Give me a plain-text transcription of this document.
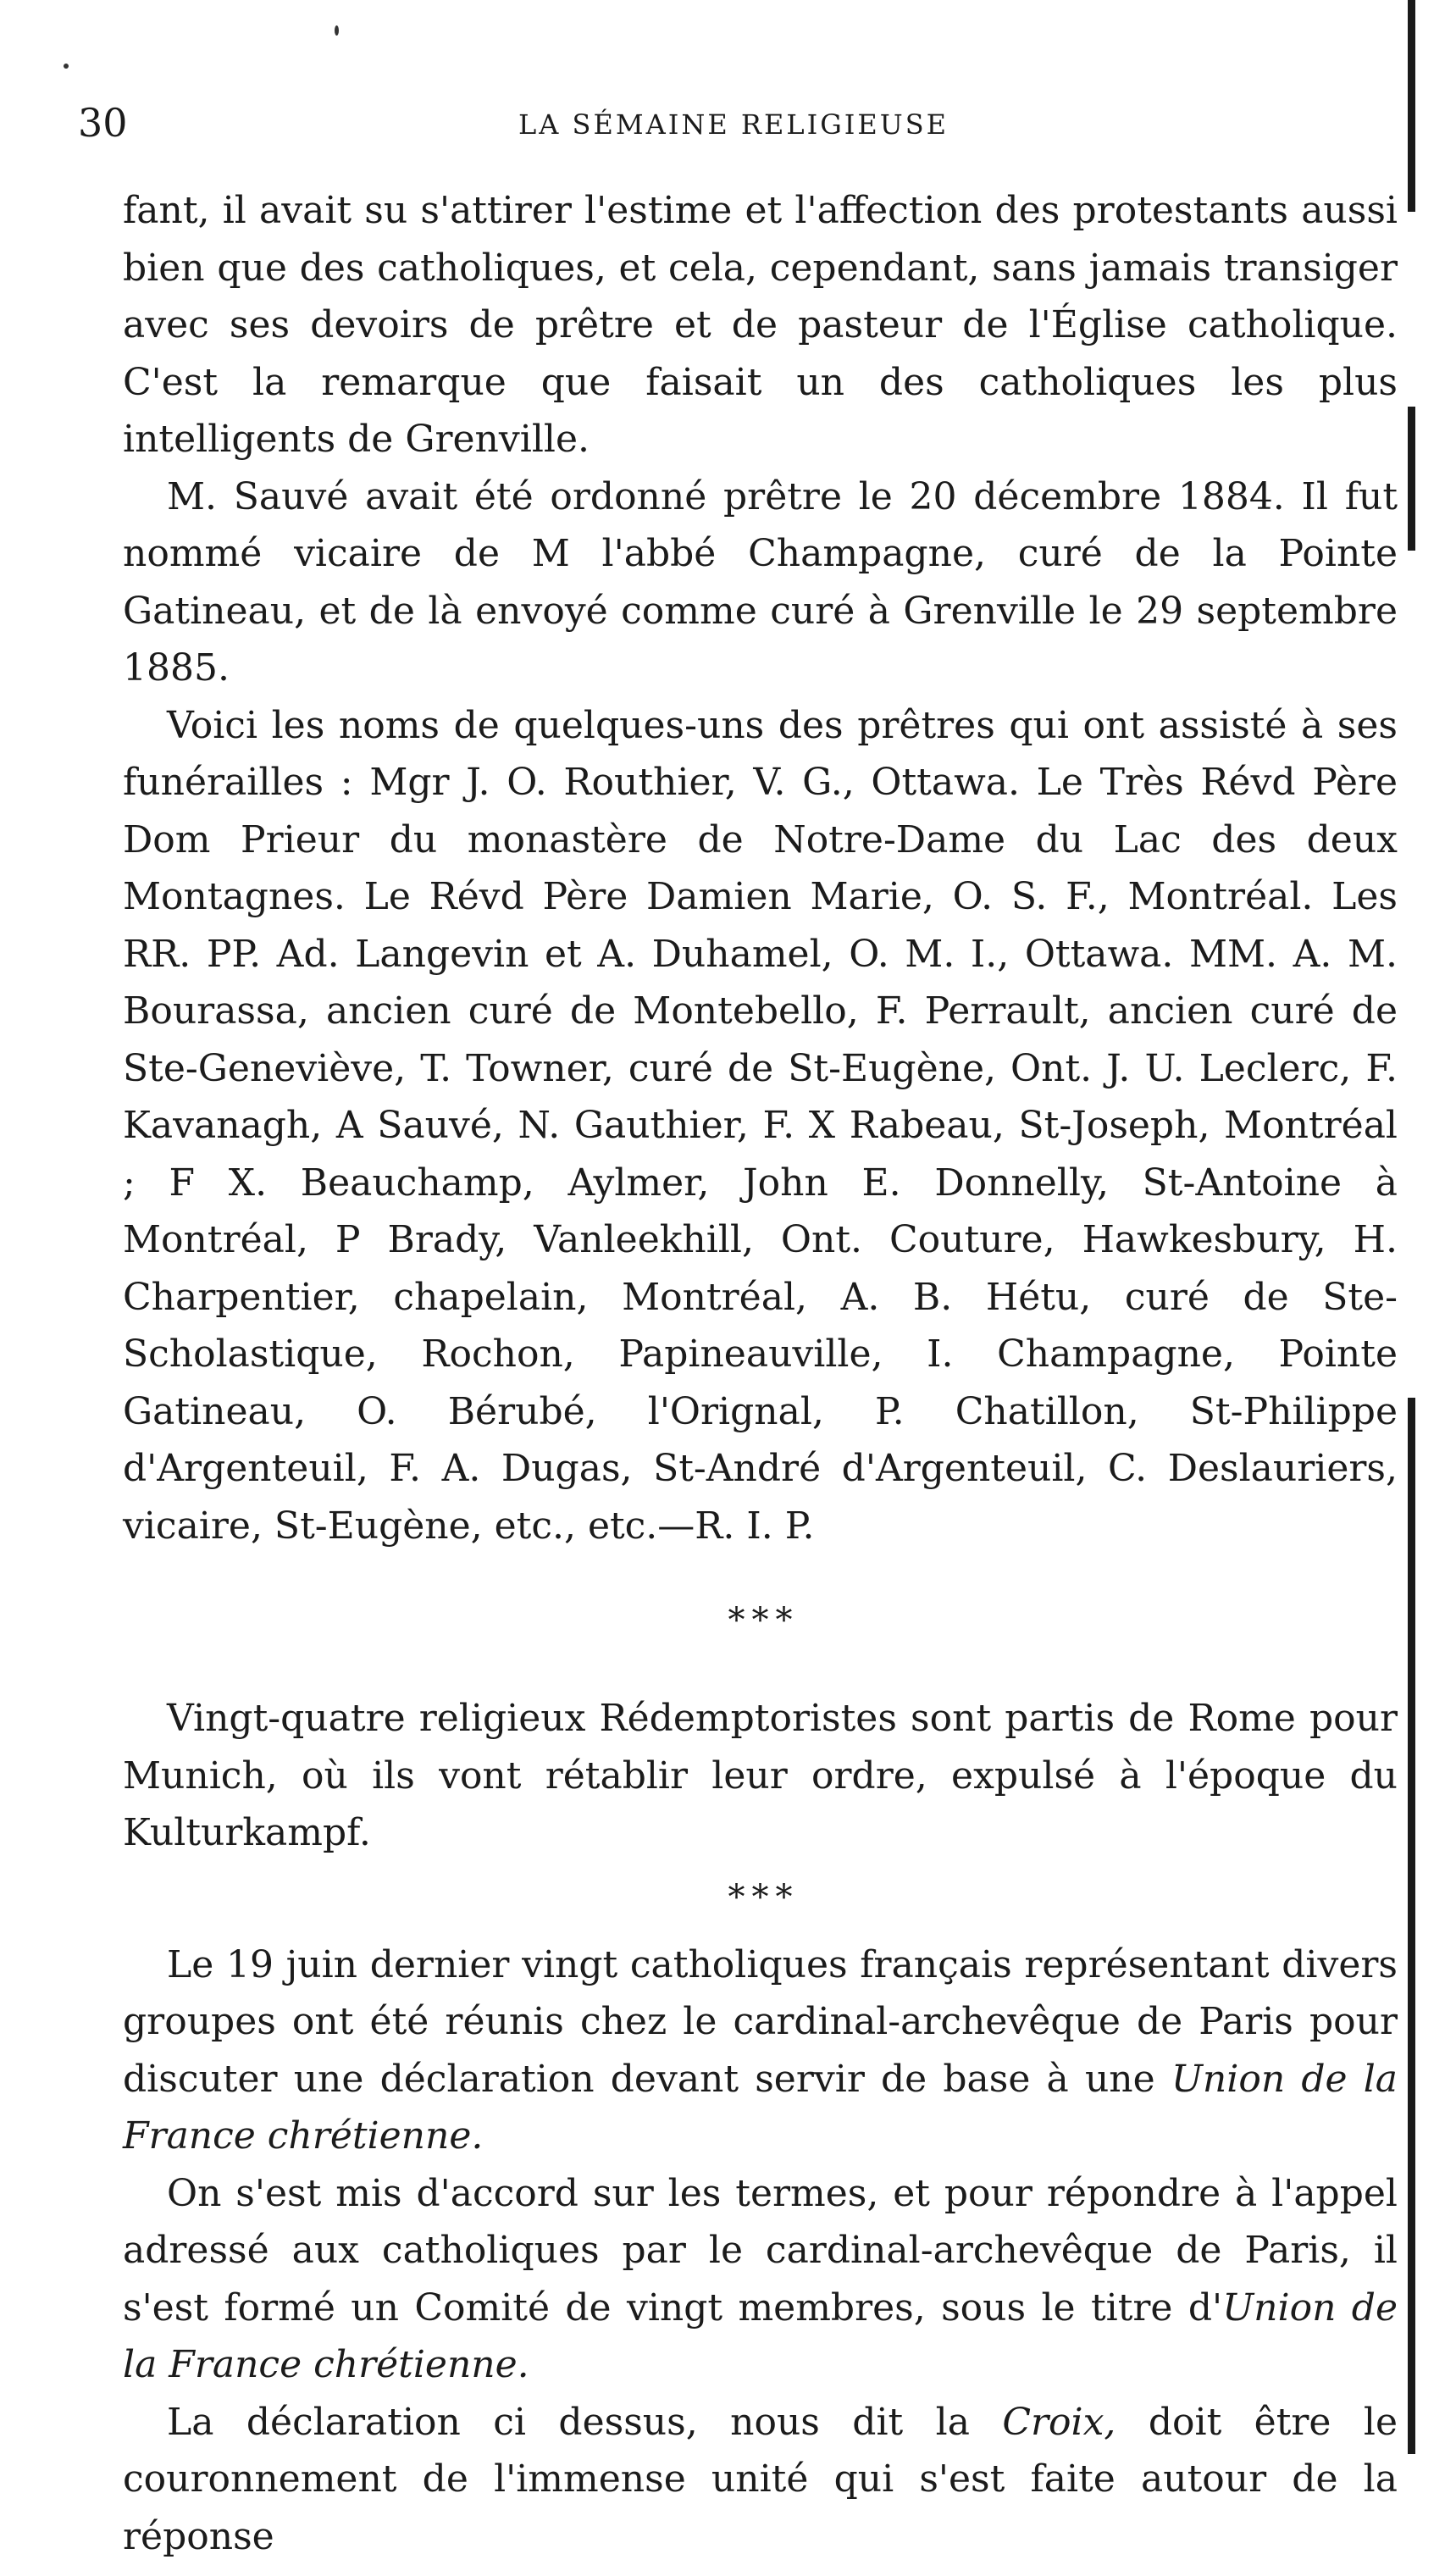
30	LA SÉMAINE RELIGIEUSE

fant, il avait su s'attirer l'estime et l'affection des protestants aussi bien que des catholiques, et cela, cependant, sans jamais transiger avec ses devoirs de prêtre et de pasteur de l'Église catholique. C'est la remarque que faisait un des catholiques les plus intelligents de Grenville.

M. Sauvé avait été ordonné prêtre le 20 décembre 1884. Il fut nommé vicaire de M l'abbé Champagne, curé de la Pointe Gatineau, et de là envoyé comme curé à Grenville le 29 septembre 1885.

Voici les noms de quelques-uns des prêtres qui ont assisté à ses funérailles : Mgr J. O. Routhier, V. G., Ottawa. Le Très Révd Père Dom Prieur du monastère de Notre-Dame du Lac des deux Montagnes. Le Révd Père Damien Marie, O. S. F., Montréal. Les RR. PP. Ad. Langevin et A. Duhamel, O. M. I., Ottawa. MM. A. M. Bourassa, ancien curé de Montebello, F. Perrault, ancien curé de Ste-Geneviève, T. Towner, curé de St-Eugène, Ont. J. U. Leclerc, F. Kavanagh, A Sauvé, N. Gauthier, F. X Rabeau, St-Joseph, Montréal ; F X. Beauchamp, Aylmer, John E. Donnelly, St-Antoine à Montréal, P Brady, Vanleekhill, Ont. Couture, Hawkesbury, H. Charpentier, chapelain, Montréal, A. B. Hétu, curé de Ste-Scholastique, Rochon, Papineauville, I. Champagne, Pointe Gatineau, O. Bérubé, l'Orignal, P. Chatillon, St-Philippe d'Argenteuil, F. A. Dugas, St-André d'Argenteuil, C. Deslauriers, vicaire, St-Eugène, etc., etc.—R. I. P.

* * *

Vingt-quatre religieux Rédemptoristes sont partis de Rome pour Munich, où ils vont rétablir leur ordre, expulsé à l'époque du Kulturkampf.

* * *

Le 19 juin dernier vingt catholiques français représentant divers groupes ont été réunis chez le cardinal-archevêque de Paris pour discuter une déclaration devant servir de base à une Union de la France chrétienne.

On s'est mis d'accord sur les termes, et pour répondre à l'appel adressé aux catholiques par le cardinal-archevêque de Paris, il s'est formé un Comité de vingt membres, sous le titre d'Union de la France chrétienne.

La déclaration ci dessus, nous dit la Croix, doit être le couronnement de l'immense unité qui s'est faite autour de la réponse
